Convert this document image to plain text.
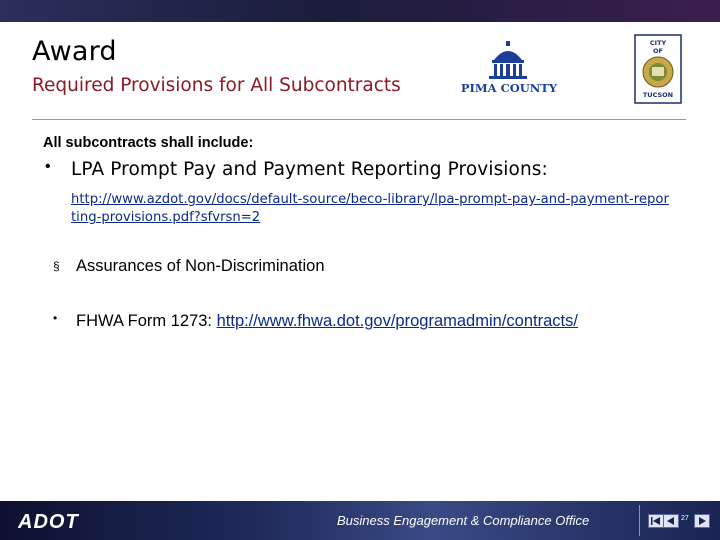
Award
Required Provisions for All Subcontracts	PIMA COUNTY
CITY
OF
TUCSON
All subcontracts shall include:
• LPA Prompt Pay and Payment Reporting Provisions:
http://www.azdot.gov/docs/default-source/beco-library/lpa-prompt-pay-and-payment-reporting-provisions.pdf?sfvrsn=2
§ Assurances of Non-Discrimination
• FHWA Form 1273: http://www.fhwa.dot.gov/programadmin/contracts/
ADOT	Business Engagement & Compliance Office	27
